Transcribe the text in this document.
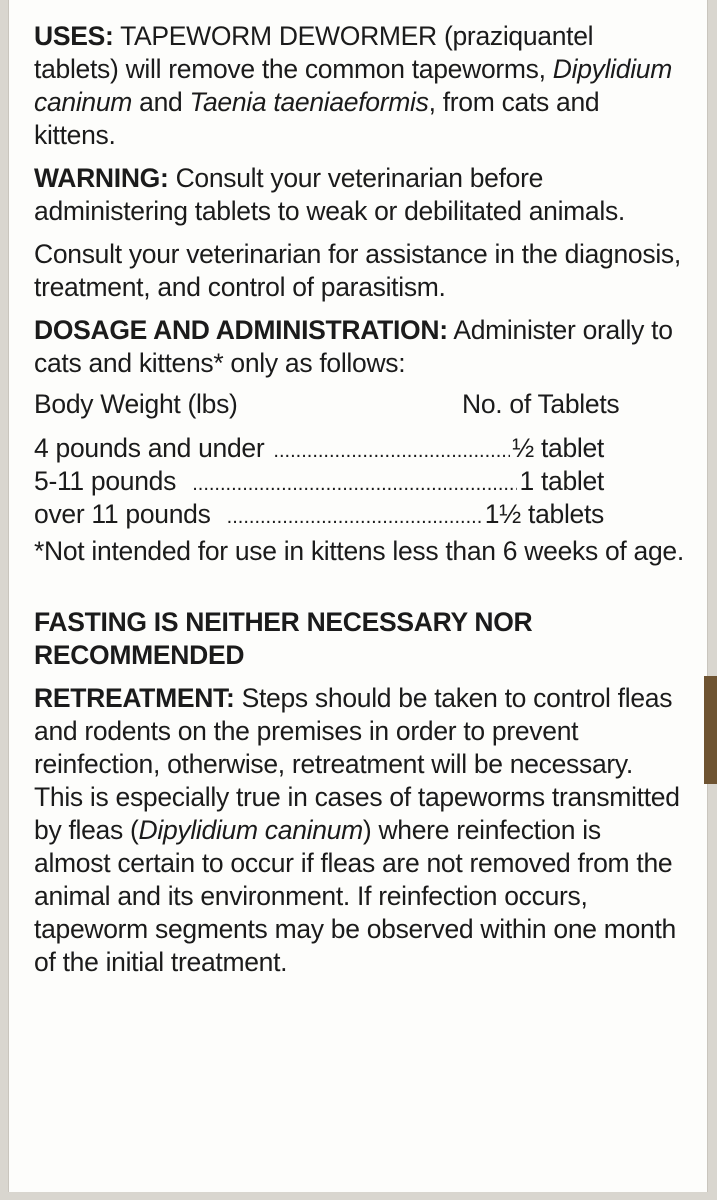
USES: TAPEWORM DEWORMER (praziquantel tablets) will remove the common tapeworms, Dipylidium caninum and Taenia taeniaeformis, from cats and kittens.

WARNING: Consult your veterinarian before administering tablets to weak or debilitated animals.

Consult your veterinarian for assistance in the diagnosis, treatment, and control of parasitism.

DOSAGE AND ADMINISTRATION: Administer orally to cats and kittens* only as follows:

Body Weight (lbs)	No. of Tablets
4 pounds and under .....	½ tablet
5-11 pounds .....	1 tablet
over 11 pounds .....	1½ tablets

*Not intended for use in kittens less than 6 weeks of age.

FASTING IS NEITHER NECESSARY NOR RECOMMENDED

RETREATMENT: Steps should be taken to control fleas and rodents on the premises in order to prevent reinfection, otherwise, retreatment will be necessary. This is especially true in cases of tapeworms transmitted by fleas (Dipylidium caninum) where reinfection is almost certain to occur if fleas are not removed from the animal and its environment. If reinfection occurs, tapeworm segments may be observed within one month of the initial treatment.
